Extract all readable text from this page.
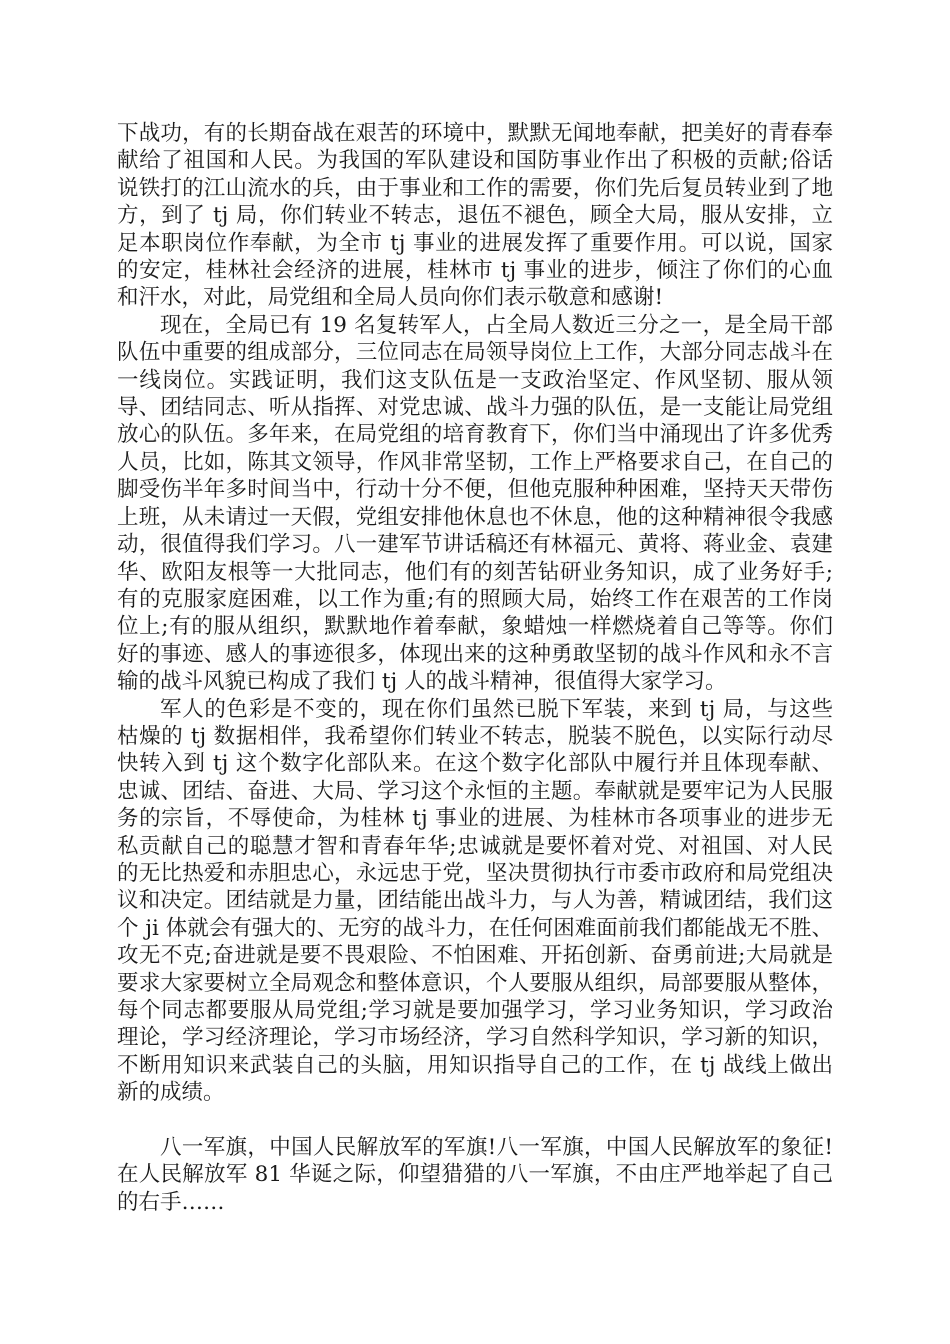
下战功，有的长期奋战在艰苦的环境中，默默无闻地奉献，把美好的青春奉献给了祖国和人民。为我国的军队建设和国防事业作出了积极的贡献;俗话说铁打的江山流水的兵，由于事业和工作的需要，你们先后复员转业到了地方，到了 tj 局，你们转业不转志，退伍不褪色，顾全大局，服从安排，立足本职岗位作奉献，为全市 tj 事业的进展发挥了重要作用。可以说，国家的安定，桂林社会经济的进展，桂林市 tj 事业的进步，倾注了你们的心血和汗水，对此，局党组和全局人员向你们表示敬意和感谢!

现在，全局已有 19 名复转军人，占全局人数近三分之一，是全局干部队伍中重要的组成部分，三位同志在局领导岗位上工作，大部分同志战斗在一线岗位。实践证明，我们这支队伍是一支政治坚定、作风坚韧、服从领导、团结同志、听从指挥、对党忠诚、战斗力强的队伍，是一支能让局党组放心的队伍。多年来，在局党组的培育教育下，你们当中涌现出了许多优秀人员，比如，陈其文领导，作风非常坚韧，工作上严格要求自己，在自己的脚受伤半年多时间当中，行动十分不便，但他克服种种困难，坚持天天带伤上班，从未请过一天假，党组安排他休息也不休息，他的这种精神很令我感动，很值得我们学习。八一建军节讲话稿还有林福元、黄将、蒋业金、袁建华、欧阳友根等一大批同志，他们有的刻苦钻研业务知识，成了业务好手;有的克服家庭困难，以工作为重;有的照顾大局，始终工作在艰苦的工作岗位上;有的服从组织，默默地作着奉献，象蜡烛一样燃烧着自己等等。你们好的事迹、感人的事迹很多，体现出来的这种勇敢坚韧的战斗作风和永不言输的战斗风貌已构成了我们 tj 人的战斗精神，很值得大家学习。

军人的色彩是不变的，现在你们虽然已脱下军装，来到 tj 局，与这些枯燥的 tj 数据相伴，我希望你们转业不转志，脱装不脱色，以实际行动尽快转入到 tj 这个数字化部队来。在这个数字化部队中履行并且体现奉献、忠诚、团结、奋进、大局、学习这个永恒的主题。奉献就是要牢记为人民服务的宗旨，不辱使命，为桂林 tj 事业的进展、为桂林市各项事业的进步无私贡献自己的聪慧才智和青春年华;忠诚就是要怀着对党、对祖国、对人民的无比热爱和赤胆忠心，永远忠于党，坚决贯彻执行市委市政府和局党组决议和决定。团结就是力量，团结能出战斗力，与人为善，精诚团结，我们这个 ji 体就会有强大的、无穷的战斗力，在任何困难面前我们都能战无不胜、攻无不克;奋进就是要不畏艰险、不怕困难、开拓创新、奋勇前进;大局就是要求大家要树立全局观念和整体意识，个人要服从组织，局部要服从整体，每个同志都要服从局党组;学习就是要加强学习，学习业务知识，学习政治理论，学习经济理论，学习市场经济，学习自然科学知识，学习新的知识，不断用知识来武装自己的头脑，用知识指导自己的工作，在 tj 战线上做出新的成绩。

八一军旗，中国人民解放军的军旗!八一军旗，中国人民解放军的象征!在人民解放军 81 华诞之际，仰望猎猎的八一军旗，不由庄严地举起了自己的右手……
